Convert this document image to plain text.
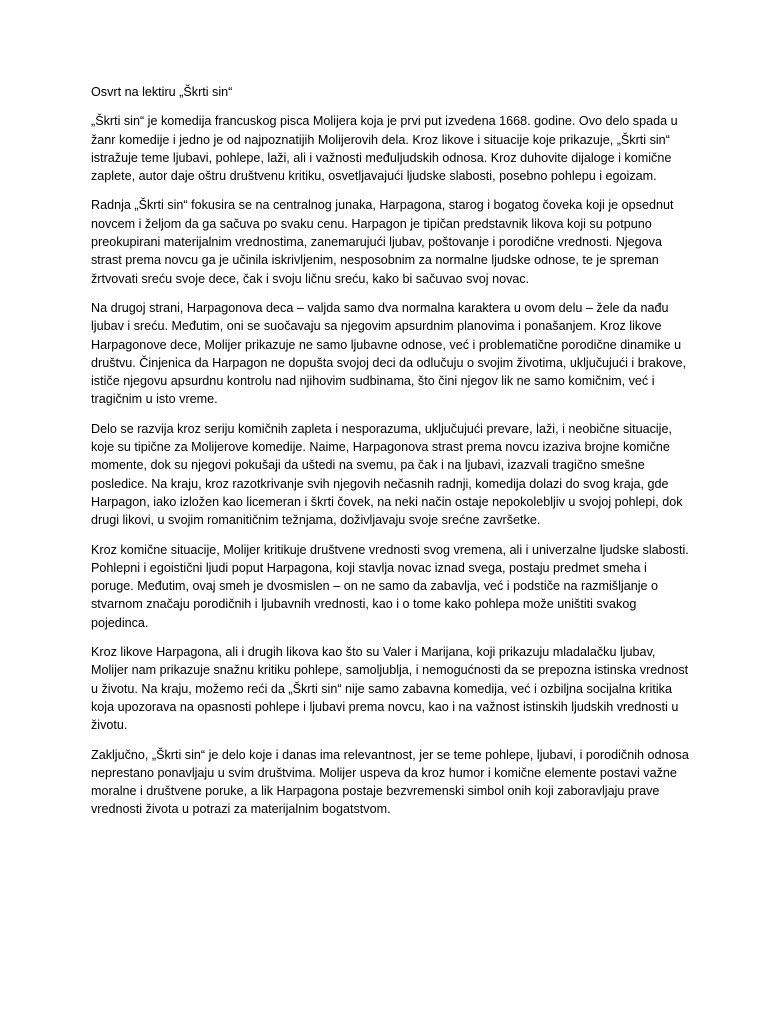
Osvrt na lektiru „Škrti sin“

„Škrti sin“ je komedija francuskog pisca Molijera koja je prvi put izvedena 1668. godine. Ovo delo spada u žanr komedije i jedno je od najpoznatijih Molijerovih dela. Kroz likove i situacije koje prikazuje, „Škrti sin“ istražuje teme ljubavi, pohlepe, laži, ali i važnosti međuljudskih odnosa. Kroz duhovite dijaloge i komične zaplete, autor daje oštru društvenu kritiku, osvetljavajući ljudske slabosti, posebno pohlepu i egoizam.

Radnja „Škrti sin“ fokusira se na centralnog junaka, Harpagona, starog i bogatog čoveka koji je opsednut novcem i željom da ga sačuva po svaku cenu. Harpagon je tipičan predstavnik likova koji su potpuno preokupirani materijalnim vrednostima, zanemarujući ljubav, poštovanje i porodične vrednosti. Njegova strast prema novcu ga je učinila iskrivljenim, nesposobnim za normalne ljudske odnose, te je spreman žrtvovati sreću svoje dece, čak i svoju ličnu sreću, kako bi sačuvao svoj novac.

Na drugoj strani, Harpagonova deca – valjda samo dva normalna karaktera u ovom delu – žele da nađu ljubav i sreću. Međutim, oni se suočavaju sa njegovim apsurdnim planovima i ponašanjem. Kroz likove Harpagonove dece, Molijer prikazuje ne samo ljubavne odnose, već i problematične porodične dinamike u društvu. Činjenica da Harpagon ne dopušta svojoj deci da odlučuju o svojim životima, uključujući i brakove, ističe njegovu apsurdnu kontrolu nad njihovim sudbinama, što čini njegov lik ne samo komičnim, već i tragičnim u isto vreme.

Delo se razvija kroz seriju komičnih zapleta i nesporazuma, uključujući prevare, laži, i neobične situacije, koje su tipične za Molijerove komedije. Naime, Harpagonova strast prema novcu izaziva brojne komične momente, dok su njegovi pokušaji da uštedi na svemu, pa čak i na ljubavi, izazvali tragično smešne posledice. Na kraju, kroz razotkrivanje svih njegovih nečasnih radnji, komedija dolazi do svog kraja, gde Harpagon, iako izložen kao licemeran i škrti čovek, na neki način ostaje nepokolebljiv u svojoj pohlepi, dok drugi likovi, u svojim romanitičnim težnjama, doživljavaju svoje srećne završetke.

Kroz komične situacije, Molijer kritikuje društvene vrednosti svog vremena, ali i univerzalne ljudske slabosti. Pohlepni i egoistični ljudi poput Harpagona, koji stavlja novac iznad svega, postaju predmet smeha i poruge. Međutim, ovaj smeh je dvosmislen – on ne samo da zabavlja, već i podstiče na razmišljanje o stvarnom značaju porodičnih i ljubavnih vrednosti, kao i o tome kako pohlepa može uništiti svakog pojedinca.

Kroz likove Harpagona, ali i drugih likova kao što su Valer i Marijana, koji prikazuju mladalačku ljubav, Molijer nam prikazuje snažnu kritiku pohlepe, samoljublja, i nemogućnosti da se prepozna istinska vrednost u životu. Na kraju, možemo reći da „Škrti sin“ nije samo zabavna komedija, već i ozbiljna socijalna kritika koja upozorava na opasnosti pohlepe i ljubavi prema novcu, kao i na važnost istinskih ljudskih vrednosti u životu.

Zaključno, „Škrti sin“ je delo koje i danas ima relevantnost, jer se teme pohlepe, ljubavi, i porodičnih odnosa neprestano ponavljaju u svim društvima. Molijer uspeva da kroz humor i komične elemente postavi važne moralne i društvene poruke, a lik Harpagona postaje bezvremenski simbol onih koji zaboravljaju prave vrednosti života u potrazi za materijalnim bogatstvom.
